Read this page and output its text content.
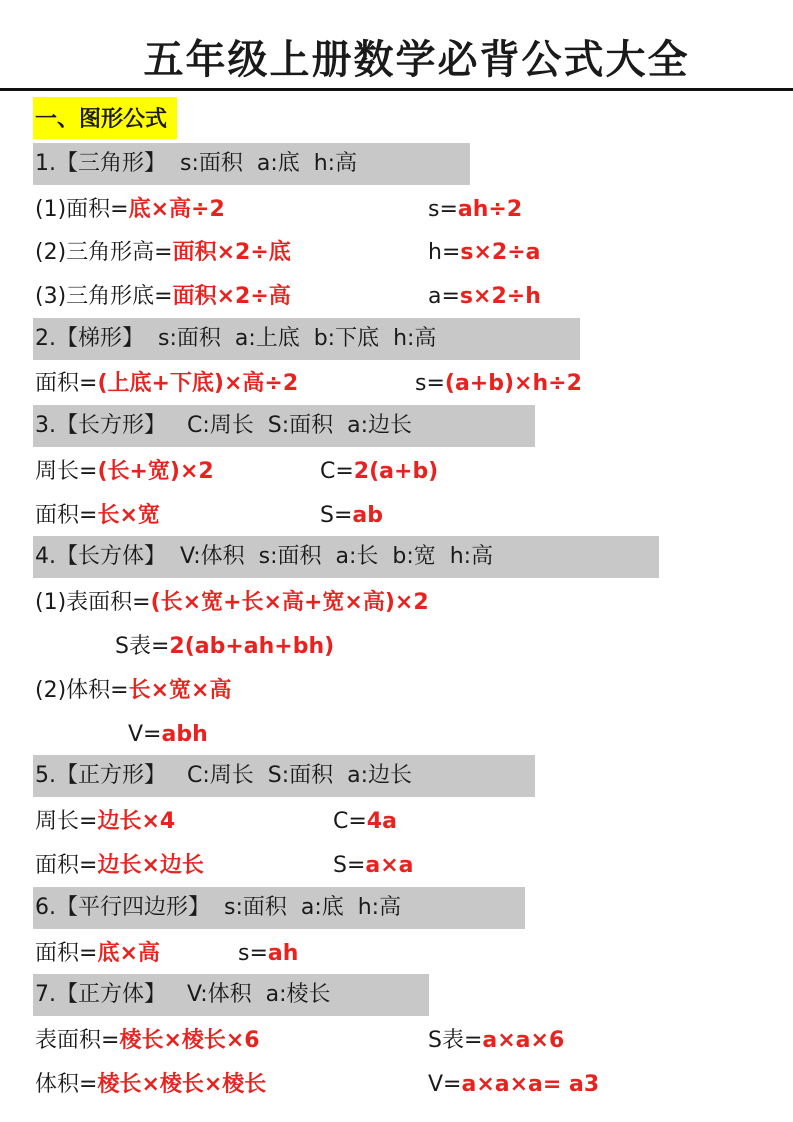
五年级上册数学必背公式大全
一、图形公式
1.【三角形】  s:面积  a:底  h:高
(1)面积=底×高÷2	s=ah÷2
(2)三角形高=面积×2÷底	h=s×2÷a
(3)三角形底=面积×2÷高	a=s×2÷h
2.【梯形】  s:面积  a:上底  b:下底  h:高
面积=(上底+下底)×高÷2	s=(a+b)×h÷2
3.【长方形】   C:周长  S:面积  a:边长
周长=(长+宽)×2	C=2(a+b)
面积=长×宽	S=ab
4.【长方体】  V:体积  s:面积  a:长  b:宽  h:高
(1)表面积=(长×宽+长×高+宽×高)×2
S表=2(ab+ah+bh)
(2)体积=长×宽×高
V=abh
5.【正方形】   C:周长  S:面积  a:边长
周长=边长×4	C=4a
面积=边长×边长	S=a×a
6.【平行四边形】  s:面积  a:底  h:高
面积=底×高	s=ah
7.【正方体】   V:体积  a:棱长
表面积=棱长×棱长×6	S表=a×a×6
体积=棱长×棱长×棱长	V=a×a×a= a3
